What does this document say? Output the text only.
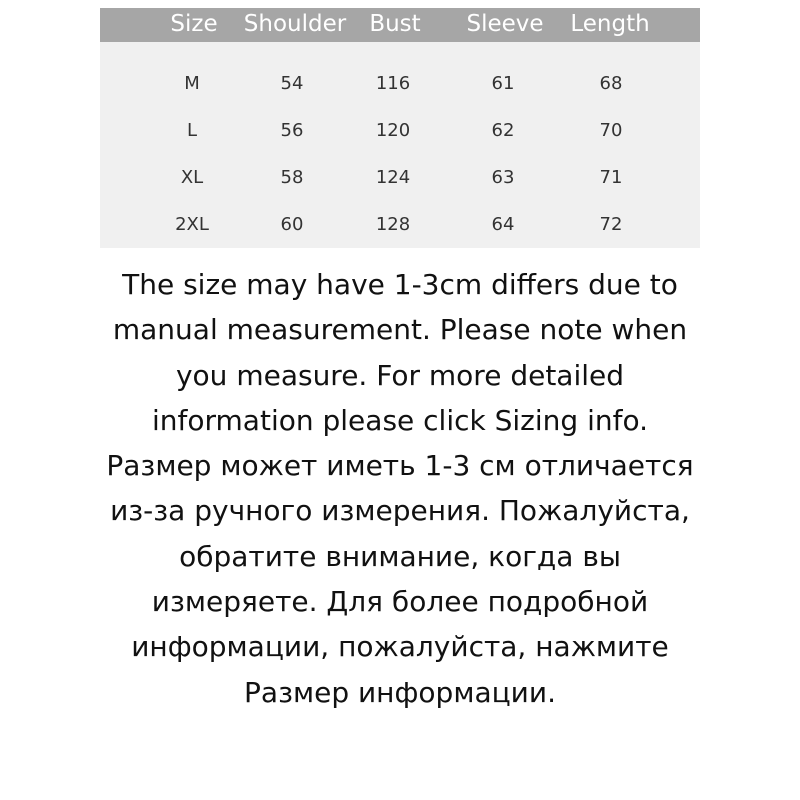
Size Shoulder Bust Sleeve Length
M	54	116	61	68
L	56	120	62	70
XL	58	124	63	71
2XL	60	128	64	72
The size may have 1-3cm differs due to
manual measurement. Please note when
you measure. For more detailed
information please click Sizing info.
Размер может иметь 1-3 см отличается
из-за ручного измерения. Пожалуйста,
обратите внимание, когда вы
измеряете. Для более подробной
информации, пожалуйста, нажмите
Размер информации.
